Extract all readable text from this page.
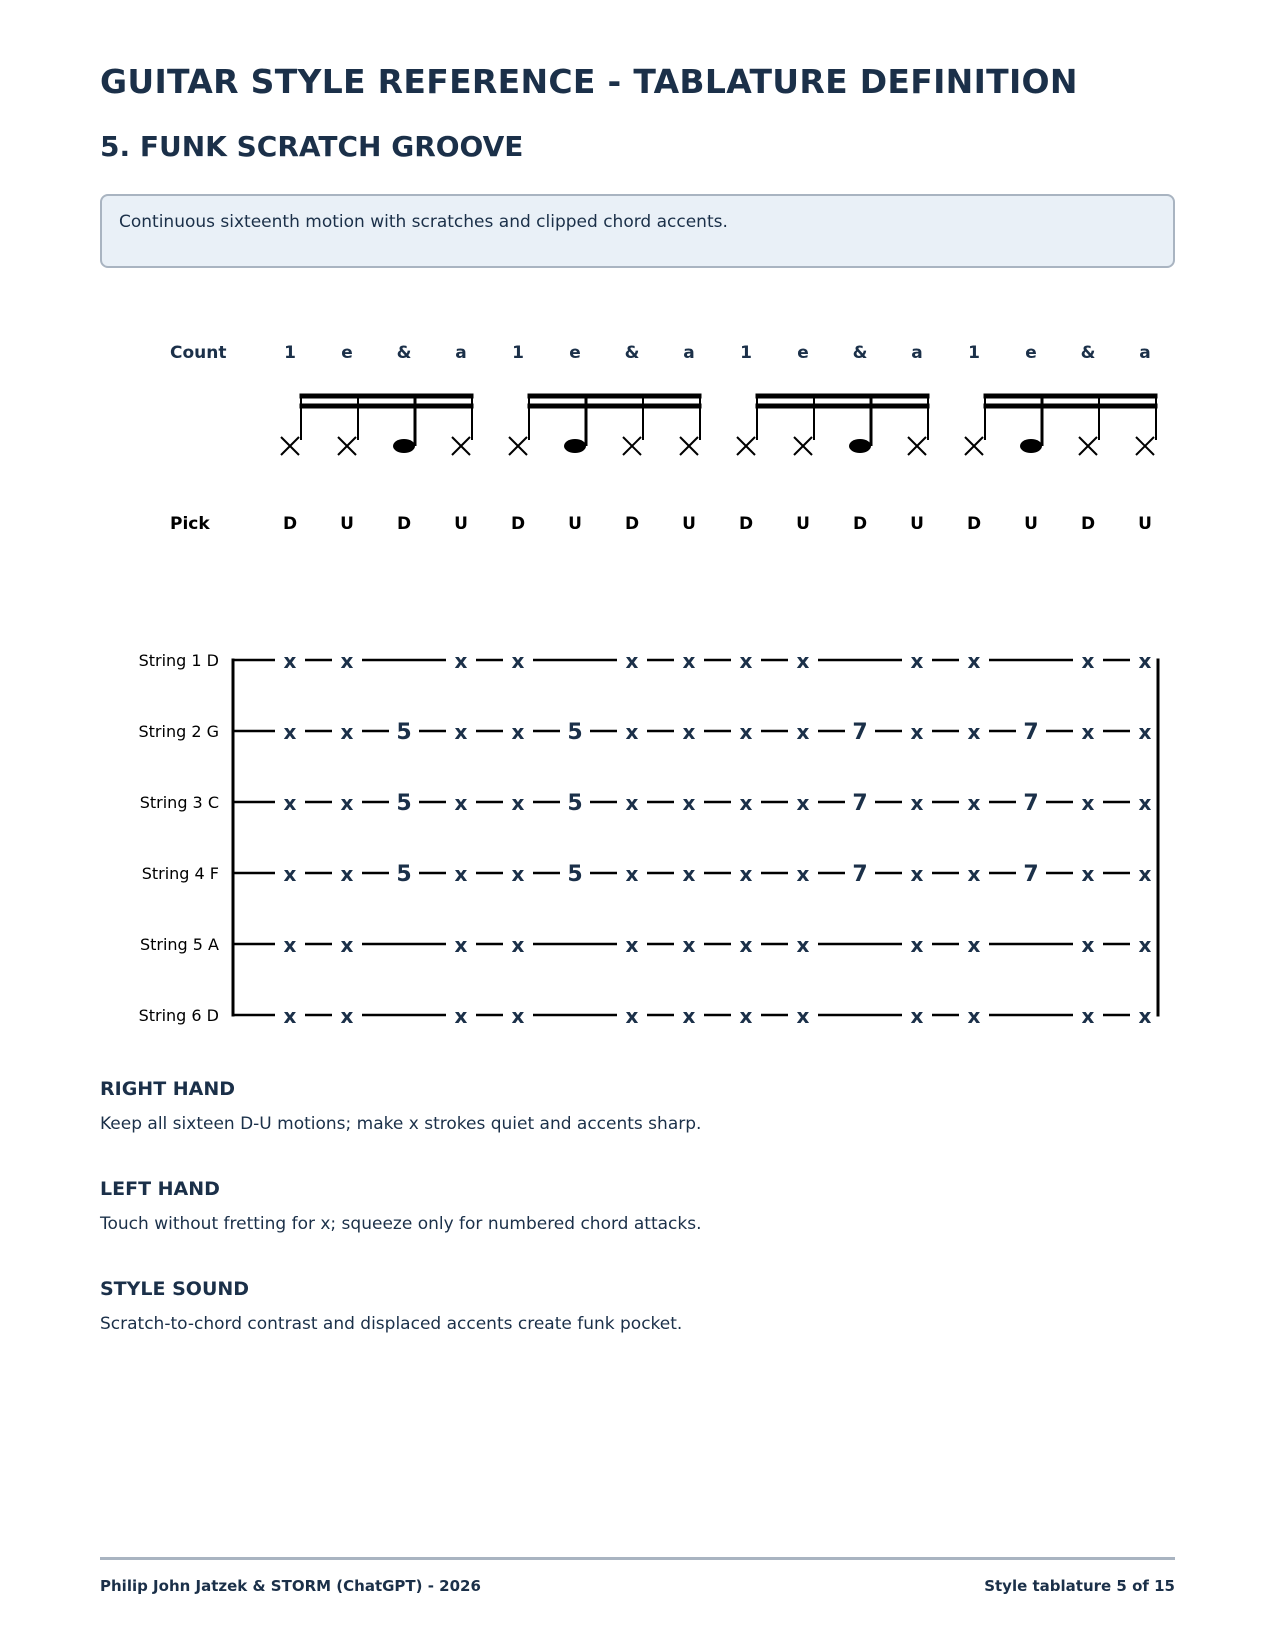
GUITAR STYLE REFERENCE - TABLATURE DEFINITION
5. FUNK SCRATCH GROOVE
Continuous sixteenth motion with scratches and clipped chord accents.
Count
Pick
1	e	&	a	1	e	&	a	1	e	&	a	1	e	&	a
D	U	D	U	D	U	D	U	D	U	D	U	D	U	D	U
String 1 D	x x	x x	x x x x	x x	x x
String 2 G	x x 5 x x 5 x x x x 7 x x 7 x x
String 3 C	x x 5 x x 5 x x x x 7 x x 7 x x
String 4 F	x x 5 x x 5 x x x x 7 x x 7 x x
String 5 A	x x	x x	x x x x	x x	x x
String 6 D	x x	x x	x x x x	x x	x x
RIGHT HAND

Keep all sixteen D-U motions; make x strokes quiet and accents sharp.

LEFT HAND

Touch without fretting for x; squeeze only for numbered chord attacks.

STYLE SOUND

Scratch-to-chord contrast and displaced accents create funk pocket.

Philip John Jatzek & STORM (ChatGPT) - 2026	Style tablature 5 of 15
